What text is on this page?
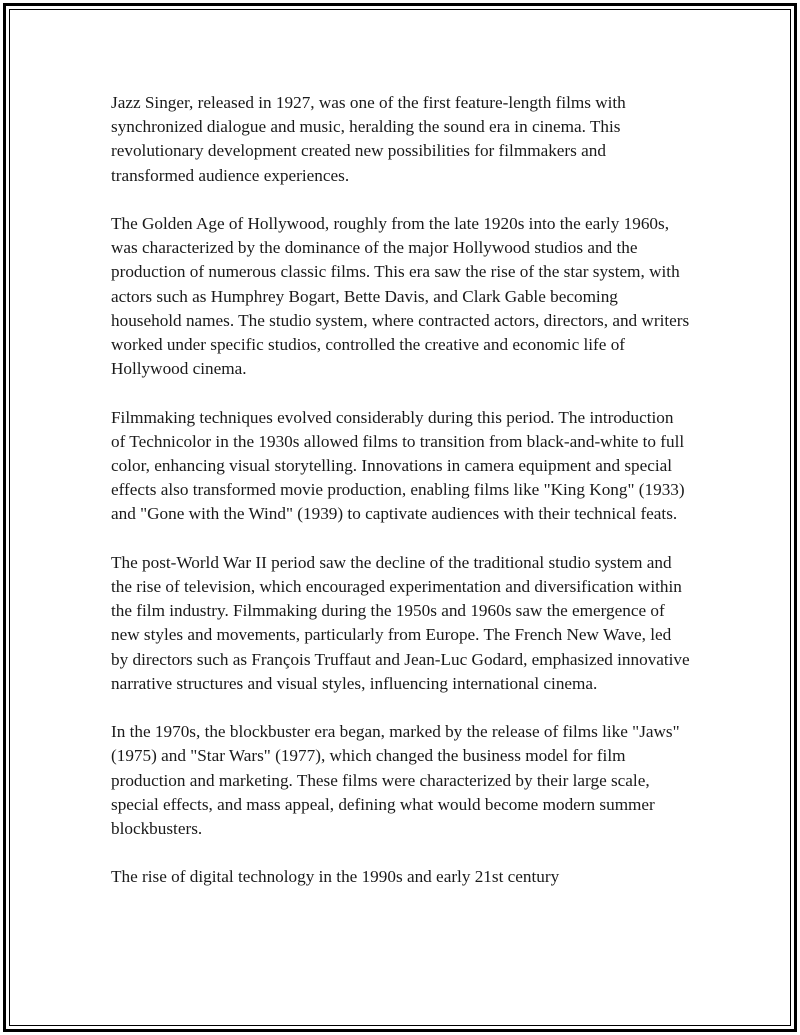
Jazz Singer, released in 1927, was one of the first feature-length films with synchronized dialogue and music, heralding the sound era in cinema. This revolutionary development created new possibilities for filmmakers and transformed audience experiences.

The Golden Age of Hollywood, roughly from the late 1920s into the early 1960s, was characterized by the dominance of the major Hollywood studios and the production of numerous classic films. This era saw the rise of the star system, with actors such as Humphrey Bogart, Bette Davis, and Clark Gable becoming household names. The studio system, where contracted actors, directors, and writers worked under specific studios, controlled the creative and economic life of Hollywood cinema.

Filmmaking techniques evolved considerably during this period. The introduction of Technicolor in the 1930s allowed films to transition from black-and-white to full color, enhancing visual storytelling. Innovations in camera equipment and special effects also transformed movie production, enabling films like "King Kong" (1933) and "Gone with the Wind" (1939) to captivate audiences with their technical feats.

The post-World War II period saw the decline of the traditional studio system and the rise of television, which encouraged experimentation and diversification within the film industry. Filmmaking during the 1950s and 1960s saw the emergence of new styles and movements, particularly from Europe. The French New Wave, led by directors such as François Truffaut and Jean-Luc Godard, emphasized innovative narrative structures and visual styles, influencing international cinema.

In the 1970s, the blockbuster era began, marked by the release of films like "Jaws" (1975) and "Star Wars" (1977), which changed the business model for film production and marketing. These films were characterized by their large scale, special effects, and mass appeal, defining what would become modern summer blockbusters.

The rise of digital technology in the 1990s and early 21st century
